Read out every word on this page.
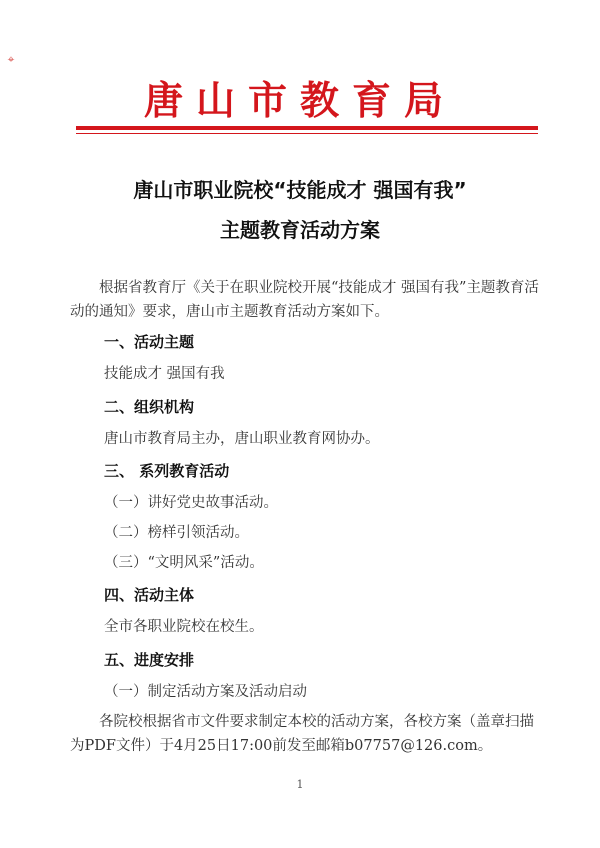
⌖
唐山市教育局
唐山市职业院校“技能成才 强国有我”
主题教育活动方案
根据省教育厅《关于在职业院校开展“技能成才 强国有我”主题教育活动的通知》要求，唐山市主题教育活动方案如下。
一、活动主题
技能成才 强国有我
二、组织机构
唐山市教育局主办，唐山职业教育网协办。
三、 系列教育活动
（一）讲好党史故事活动。
（二）榜样引领活动。
（三）“文明风采”活动。
四、活动主体
全市各职业院校在校生。
五、进度安排
（一）制定活动方案及活动启动
各院校根据省市文件要求制定本校的活动方案，各校方案（盖章扫描为PDF文件）于4月25日17:00前发至邮箱b07757@126.com。
1
